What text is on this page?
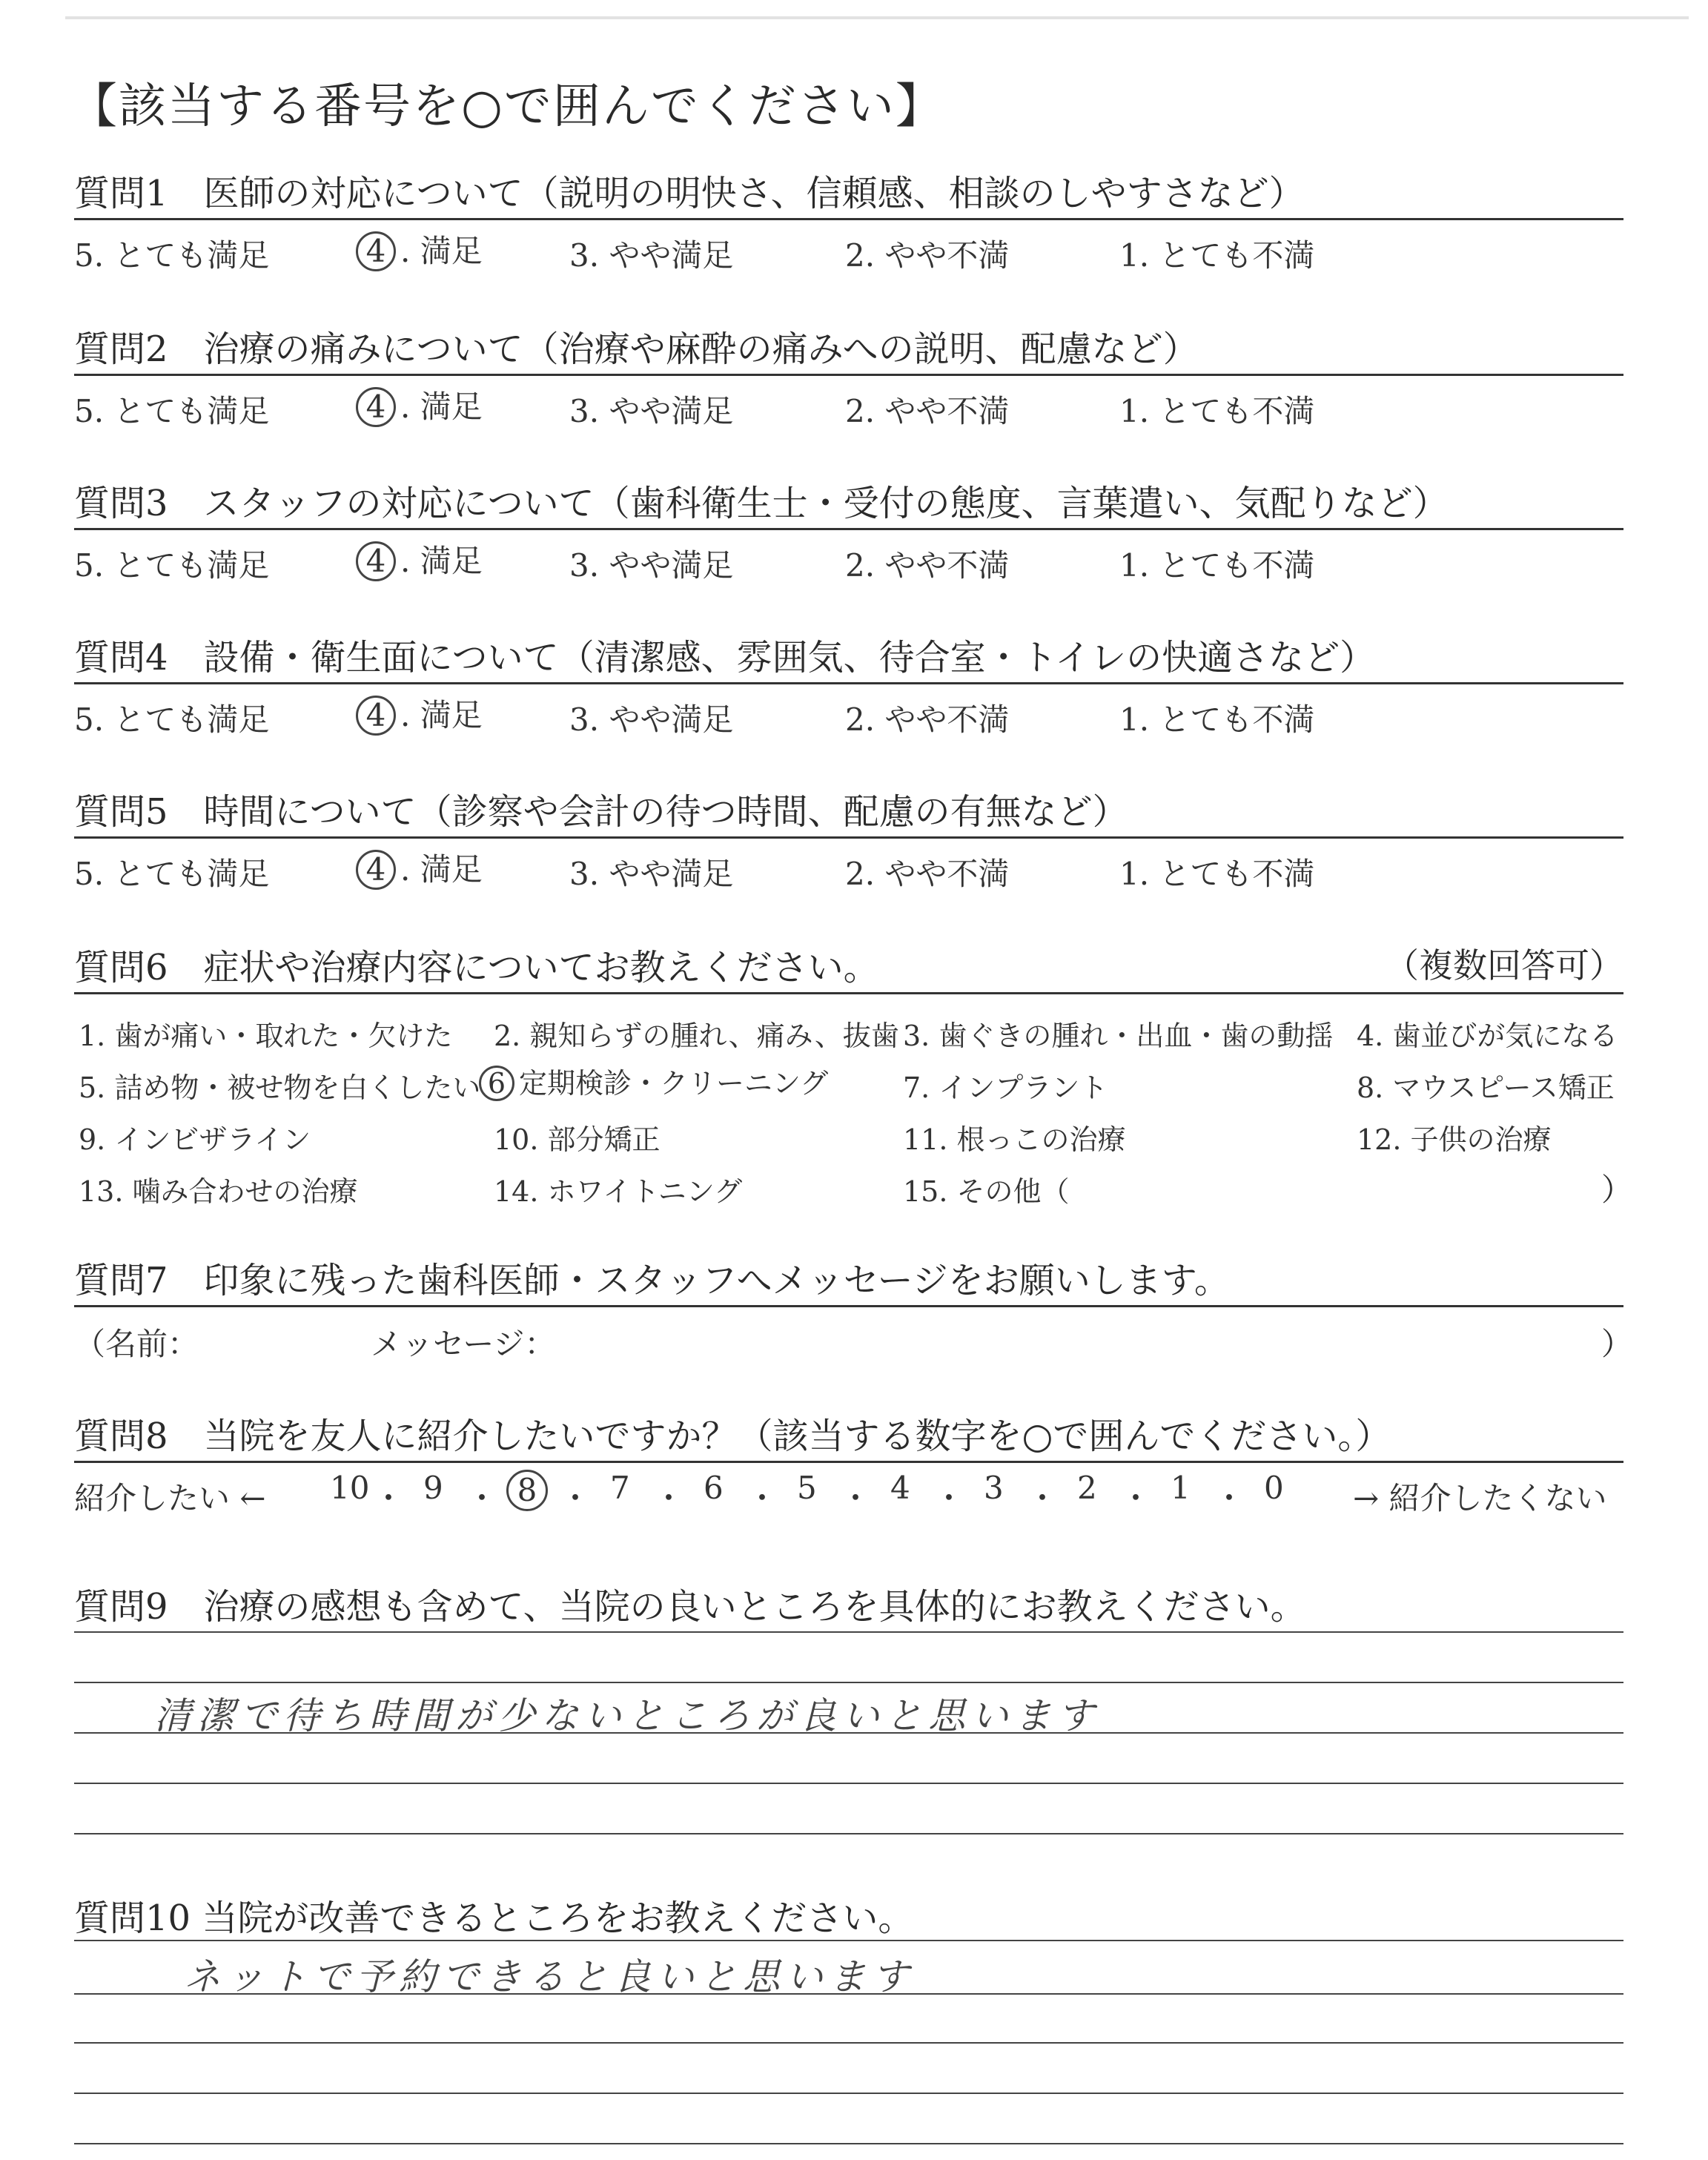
【該当する番号を○で囲んでください】
質問1　医師の対応について（説明の明快さ、信頼感、相談のしやすさなど）
5. とても満足	4 . 満足	3. やや満足	2. やや不満	1. とても不満
質問2　治療の痛みについて（治療や麻酔の痛みへの説明、配慮など）
5. とても満足	4 . 満足	3. やや満足	2. やや不満	1. とても不満
質問3　スタッフの対応について（歯科衛生士・受付の態度、言葉遣い、気配りなど）
5. とても満足	4 . 満足	3. やや満足	2. やや不満	1. とても不満
質問4　設備・衛生面について（清潔感、雰囲気、待合室・トイレの快適さなど）
5. とても満足	4 . 満足	3. やや満足	2. やや不満	1. とても不満
質問5　時間について（診察や会計の待つ時間、配慮の有無など）
5. とても満足	4 . 満足	3. やや満足	2. やや不満	1. とても不満
質問6　症状や治療内容についてお教えください。	（複数回答可）
1. 歯が痛い・取れた・欠けた 2. 親知らずの腫れ、痛み、抜歯 3. 歯ぐきの腫れ・出血・歯の動揺 4. 歯並びが気になる
5. 詰め物・被せ物を白くしたい 6 定期検診・クリーニング	7. インプラント	8. マウスピース矯正
9. インビザライン	10. 部分矯正	11. 根っこの治療	12. 子供の治療
13. 噛み合わせの治療	14. ホワイトニング	15. その他（	）
質問7　印象に残った歯科医師・スタッフへメッセージをお願いします。
（名前：	メッセージ：	）
質問8　当院を友人に紹介したいですか？（該当する数字を○で囲んでください。）
紹介したい ←	→ 紹介したくない
質問9　治療の感想も含めて、当院の良いところを具体的にお教えください。
清潔で待ち時間が少ないところが良いと思います
質問10 当院が改善できるところをお教えください。
ネットで予約できると良いと思います
10 ・ 9 ・ 8 ・ 7 ・ 6 ・ 5 ・ 4 ・ 3 ・ 2 ・ 1 ・ 0
